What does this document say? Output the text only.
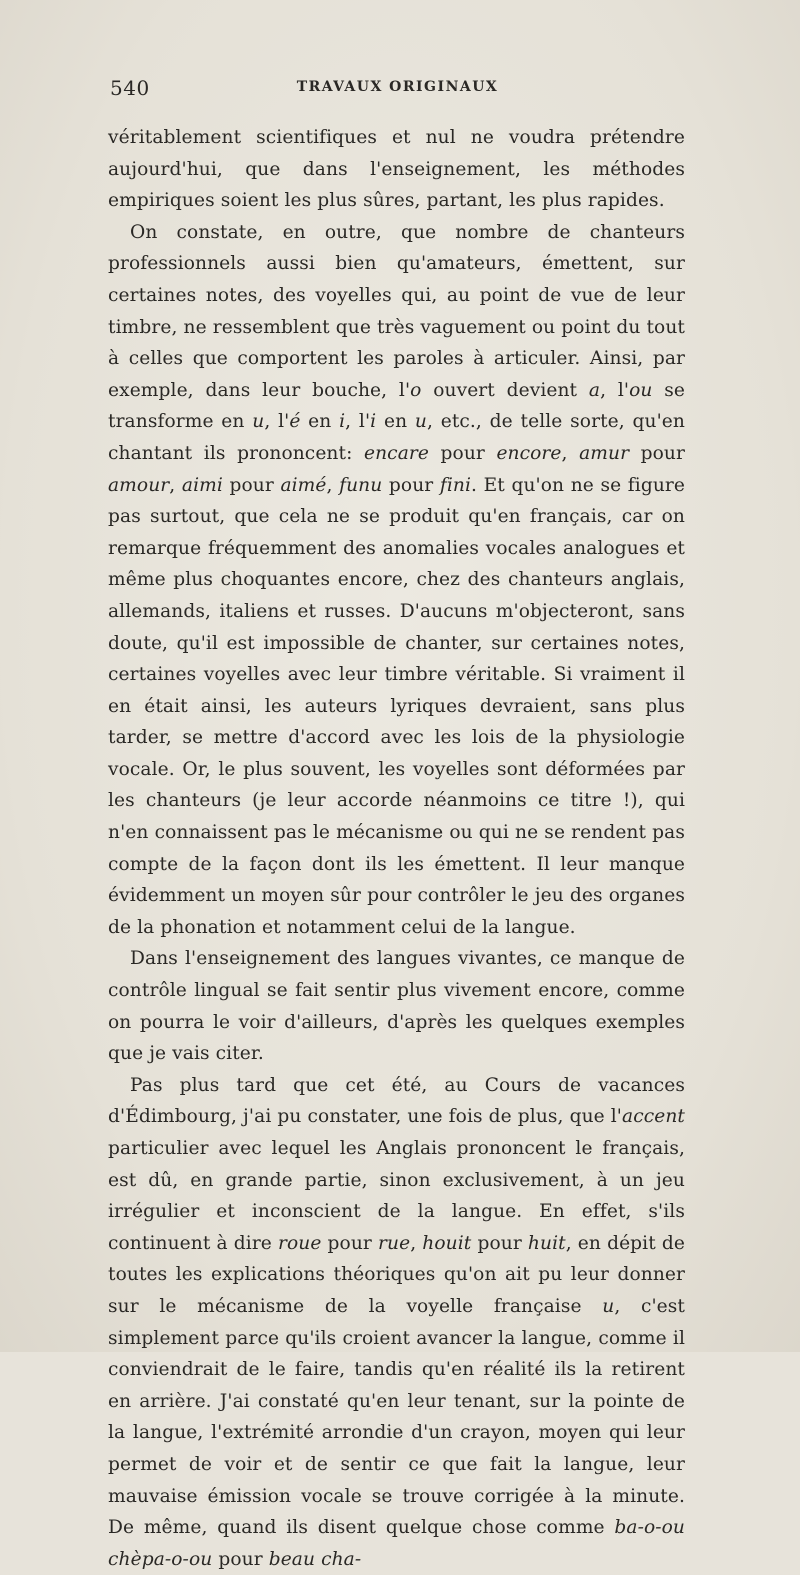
540	TRAVAUX ORIGINAUX

véritablement scientifiques et nul ne voudra prétendre aujourd'hui, que dans l'enseignement, les méthodes empiriques soient les plus sûres, partant, les plus rapides.

On constate, en outre, que nombre de chanteurs professionnels aussi bien qu'amateurs, émettent, sur certaines notes, des voyelles qui, au point de vue de leur timbre, ne ressemblent que très vaguement ou point du tout à celles que comportent les paroles à articuler. Ainsi, par exemple, dans leur bouche, l'o ouvert devient a, l'ou se transforme en u, l'é en i, l'i en u, etc., de telle sorte, qu'en chantant ils prononcent: encare pour encore, amur pour amour, aimi pour aimé, funu pour fini. Et qu'on ne se figure pas surtout, que cela ne se produit qu'en français, car on remarque fréquemment des anomalies vocales analogues et même plus choquantes encore, chez des chanteurs anglais, allemands, italiens et russes. D'aucuns m'objecteront, sans doute, qu'il est impossible de chanter, sur certaines notes, certaines voyelles avec leur timbre véritable. Si vraiment il en était ainsi, les auteurs lyriques devraient, sans plus tarder, se mettre d'accord avec les lois de la physiologie vocale. Or, le plus souvent, les voyelles sont déformées par les chanteurs (je leur accorde néanmoins ce titre !), qui n'en connaissent pas le mécanisme ou qui ne se rendent pas compte de la façon dont ils les émettent. Il leur manque évidemment un moyen sûr pour contrôler le jeu des organes de la phonation et notamment celui de la langue.

Dans l'enseignement des langues vivantes, ce manque de contrôle lingual se fait sentir plus vivement encore, comme on pourra le voir d'ailleurs, d'après les quelques exemples que je vais citer.

Pas plus tard que cet été, au Cours de vacances d'Édimbourg, j'ai pu constater, une fois de plus, que l'accent particulier avec lequel les Anglais prononcent le français, est dû, en grande partie, sinon exclusivement, à un jeu irrégulier et inconscient de la langue. En effet, s'ils continuent à dire roue pour rue, houit pour huit, en dépit de toutes les explications théoriques qu'on ait pu leur donner sur le mécanisme de la voyelle française u, c'est simplement parce qu'ils croient avancer la langue, comme il conviendrait de le faire, tandis qu'en réalité ils la retirent en arrière. J'ai constaté qu'en leur tenant, sur la pointe de la langue, l'extrémité arrondie d'un crayon, moyen qui leur permet de voir et de sentir ce que fait la langue, leur mauvaise émission vocale se trouve corrigée à la minute. De même, quand ils disent quelque chose comme ba-o-ou chèpa-o-ou pour beau cha-
